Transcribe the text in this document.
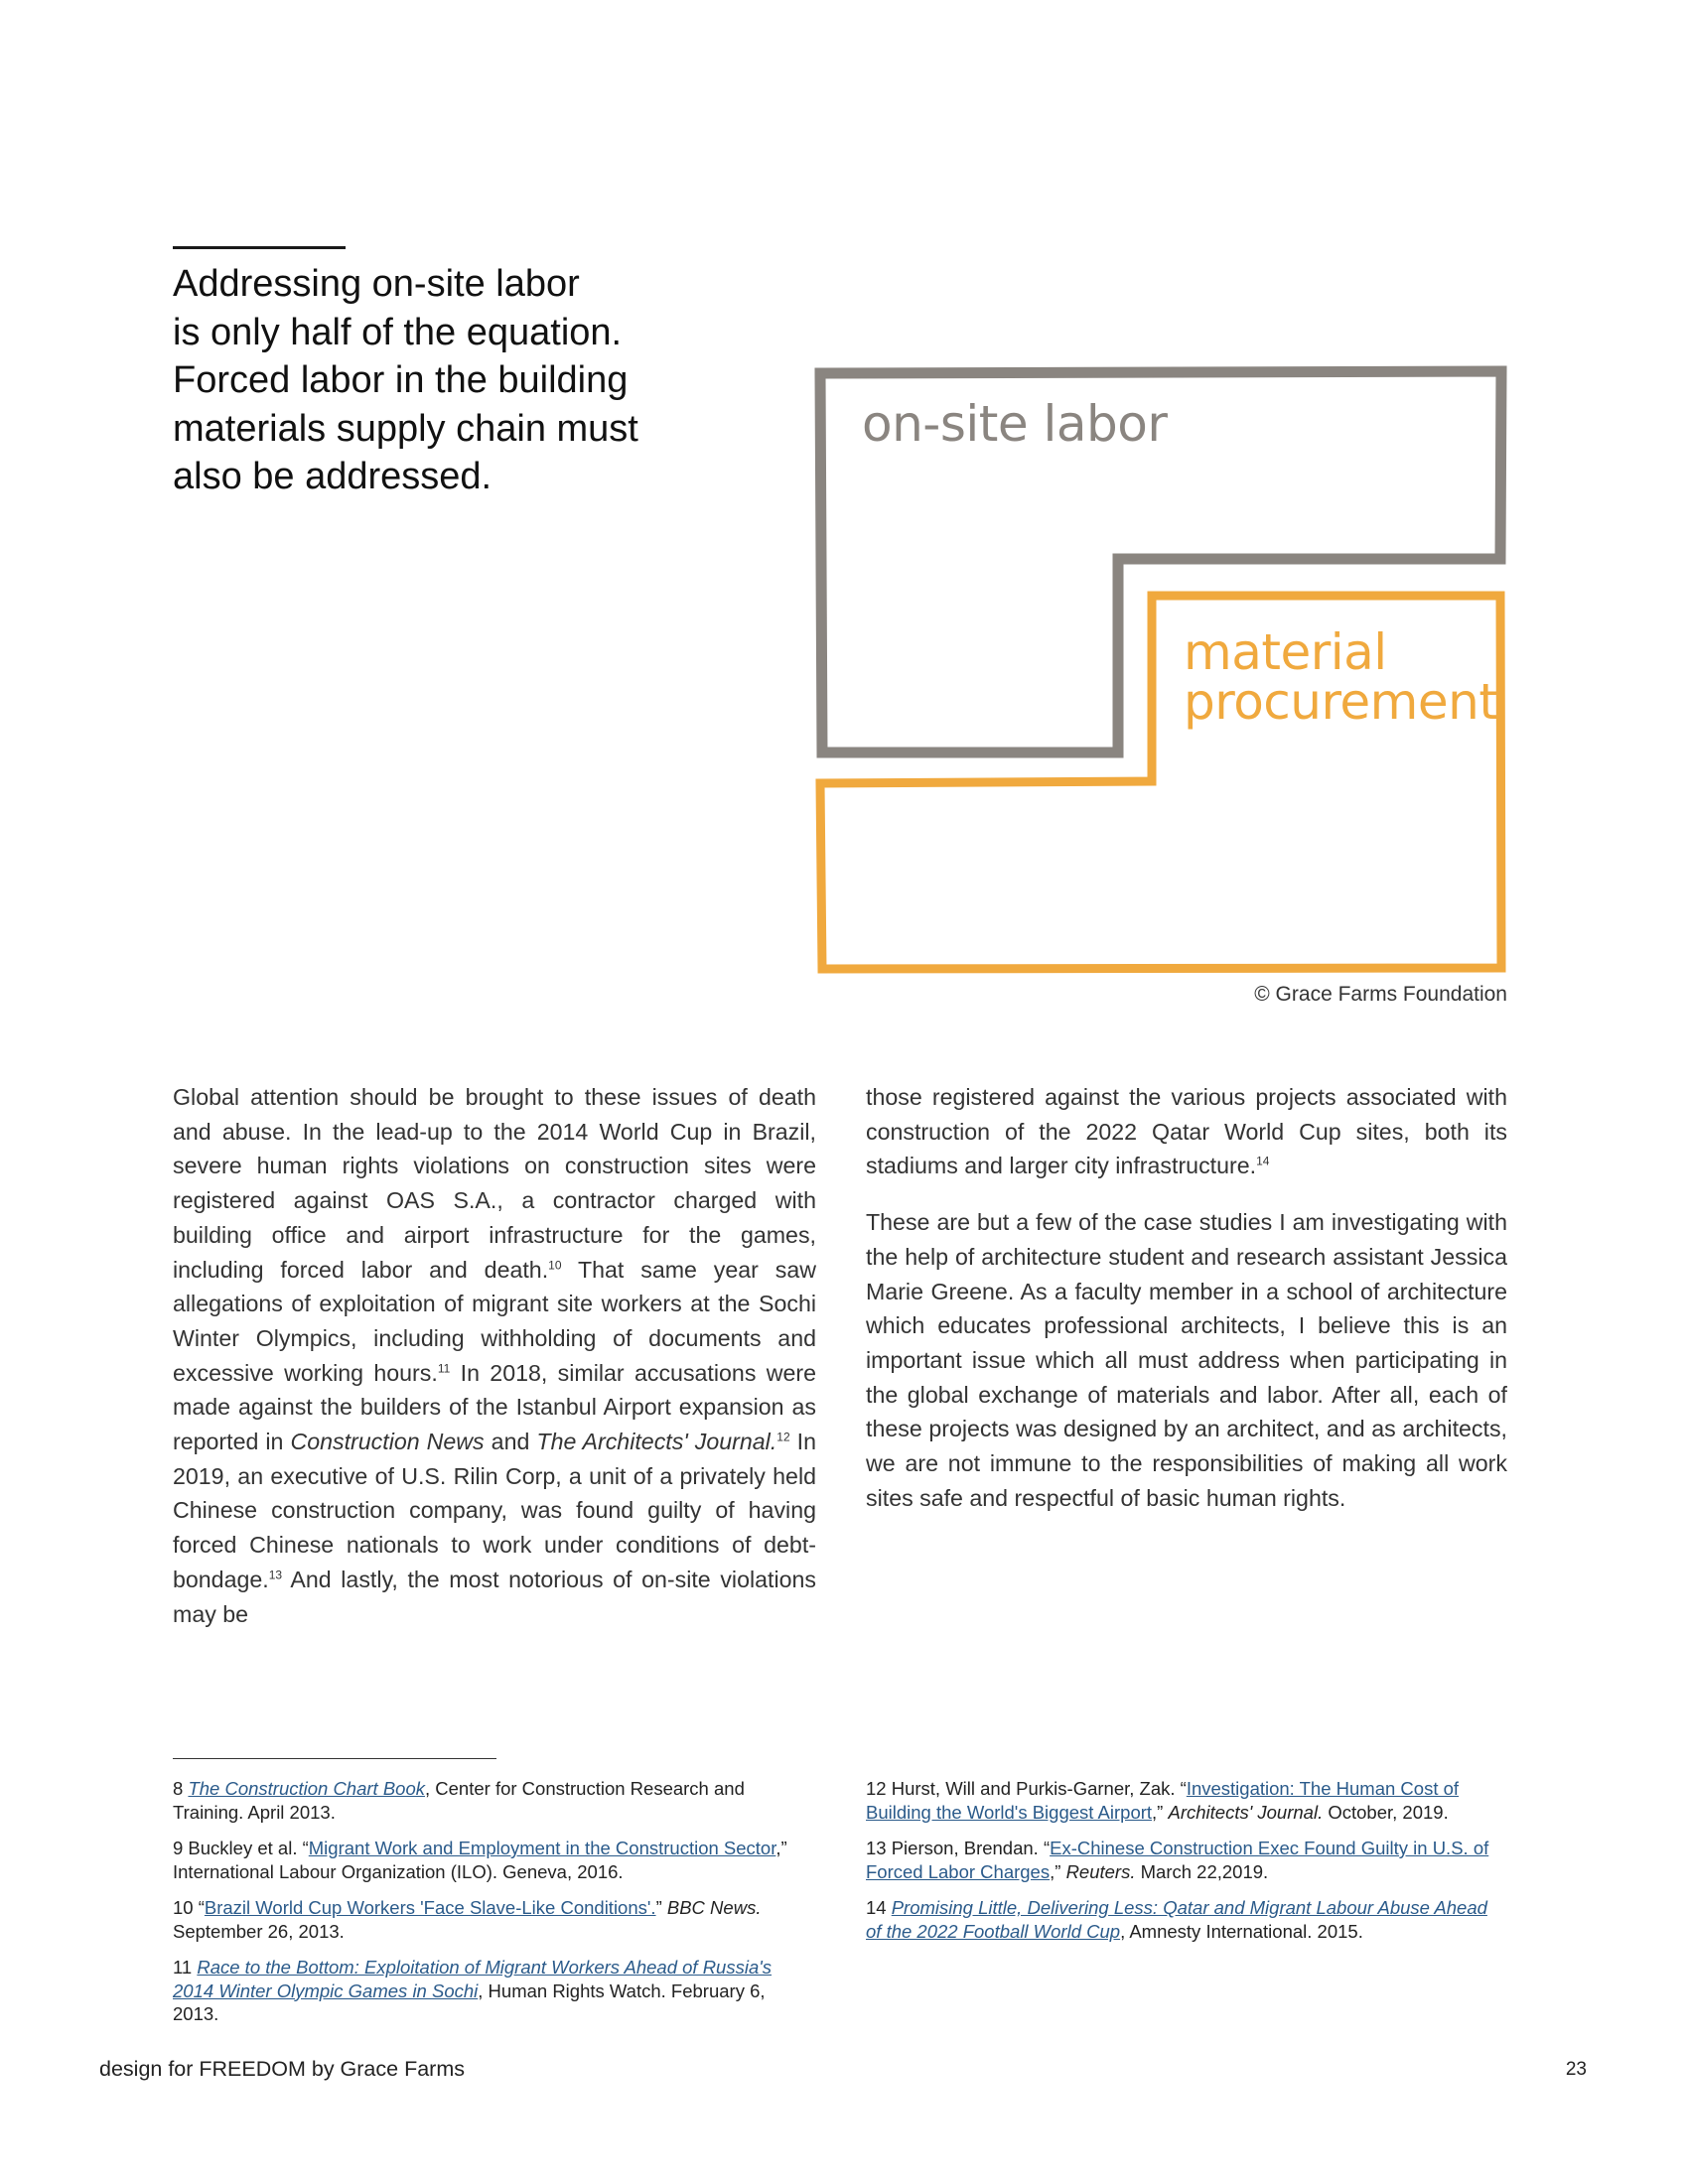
Addressing on-site labor
is only half of the equation.
Forced labor in the building
materials supply chain must
also be addressed.
on-site labor
material
procurement
© Grace Farms Foundation

Global attention should be brought to these issues of death and abuse. In the lead-up to the 2014 World Cup in Brazil, severe human rights violations on construction sites were registered against OAS S.A., a contractor charged with building office and airport infrastructure for the games, including forced labor and death.$^{10}$ That same year saw allegations of exploitation of migrant site workers at the Sochi Winter Olympics, including withholding of documents and excessive working hours.$^{11}$ In 2018, similar accusations were made against the builders of the Istanbul Airport expansion as reported in Construction News and The Architects' Journal.$^{12}$ In 2019, an executive of U.S. Rilin Corp, a unit of a privately held Chinese construction company, was found guilty of having forced Chinese nationals to work under conditions of debt-bondage.$^{13}$ And lastly, the most notorious of on-site violations may be

those registered against the various projects associated with construction of the 2022 Qatar World Cup sites, both its stadiums and larger city infrastructure.$^{14}$

These are but a few of the case studies I am investigating with the help of architecture student and research assistant Jessica Marie Greene. As a faculty member in a school of architecture which educates professional architects, I believe this is an important issue which all must address when participating in the global exchange of materials and labor. After all, each of these projects was designed by an architect, and as architects, we are not immune to the responsibilities of making all work sites safe and respectful of basic human rights.

8 The Construction Chart Book, Center for Construction Research and Training. April 2013.

9 Buckley et al. “Migrant Work and Employment in the Construction Sector,” International Labour Organization (ILO). Geneva, 2016.

10 “Brazil World Cup Workers 'Face Slave-Like Conditions'.” BBC News. September 26, 2013.

11 Race to the Bottom: Exploitation of Migrant Workers Ahead of Russia's 2014 Winter Olympic Games in Sochi, Human Rights Watch. February 6, 2013.

12 Hurst, Will and Purkis-Garner, Zak. “Investigation: The Human Cost of Building the World's Biggest Airport,” Architects' Journal. October, 2019.

13 Pierson, Brendan. “Ex-Chinese Construction Exec Found Guilty in U.S. of Forced Labor Charges,” Reuters. March 22,2019.

14 Promising Little, Delivering Less: Qatar and Migrant Labour Abuse Ahead of the 2022 Football World Cup, Amnesty International. 2015.

design for FREEDOM by Grace Farms	23
